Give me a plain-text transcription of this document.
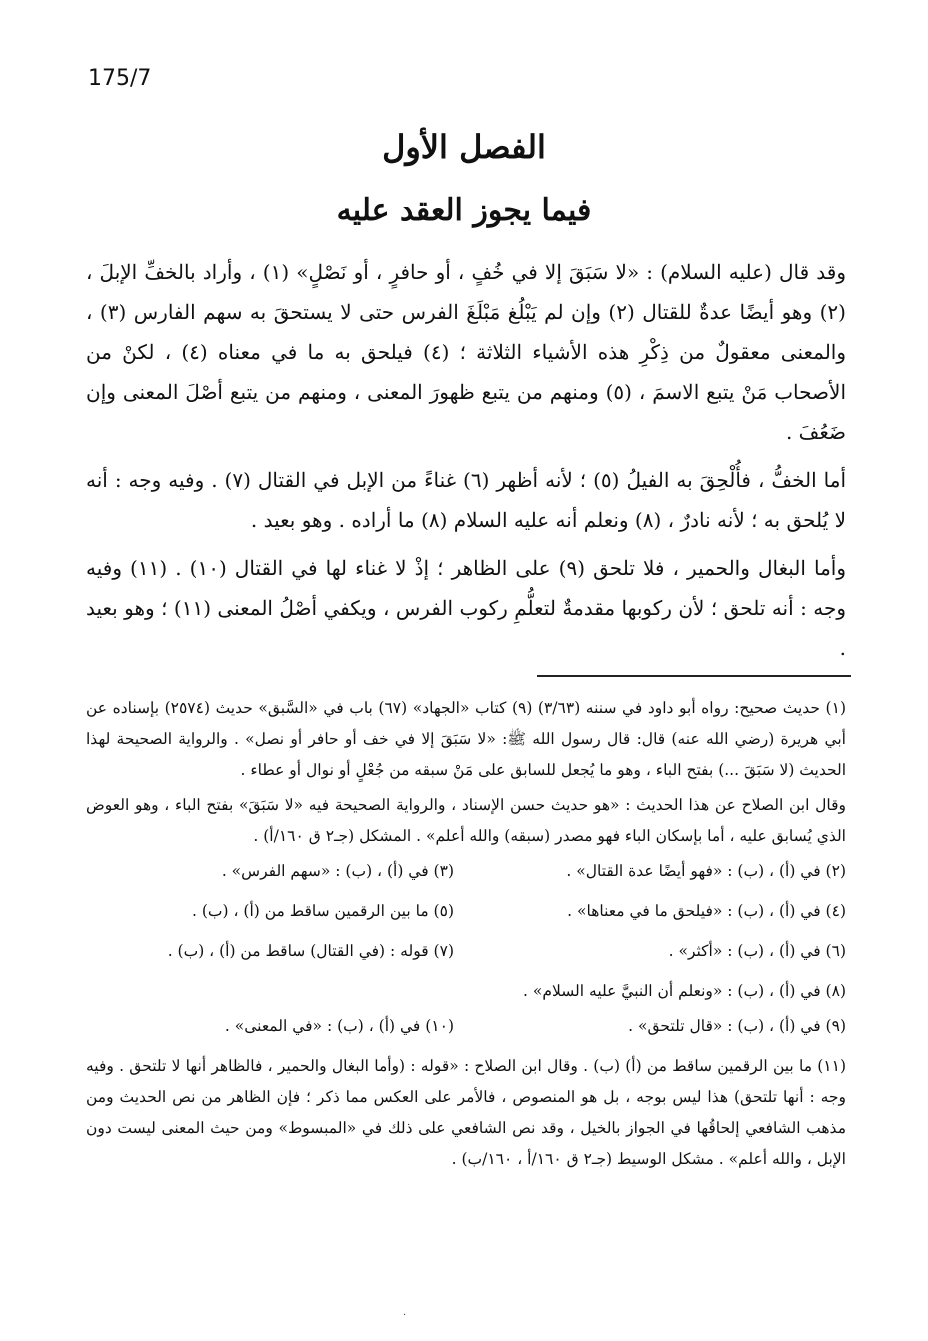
175/7
الفصل الأول
فيما يجوز العقد عليه

وقد قال (عليه السلام) : «لا سَبَقَ إلا في خُفٍ ، أو حافرٍ ، أو نَصْلٍ» (١) ، وأراد بالخفِّ الإبلَ ، (٢) وهو أيضًا عدةٌ للقتال (٢) وإن لم يَبْلُغ مَبْلَغَ الفرس حتى لا يستحقَ به سهم الفارس (٣) ، والمعنى معقولٌ من ذِكْرِ هذه الأشياء الثلاثة ؛ (٤) فيلحق به ما في معناه (٤) ، لكنْ من الأصحاب مَنْ يتبع الاسمَ ، (٥) ومنهم من يتبع ظهورَ المعنى ، ومنهم من يتبع أصْلَ المعنى وإن ضَعُفَ .

أما الخفُّ ، فأُلْحِقَ به الفيلُ (٥) ؛ لأنه أظهر (٦) غناءً من الإبل في القتال (٧) . وفيه وجه : أنه لا يُلحق به ؛ لأنه نادرٌ ، (٨) ونعلم أنه عليه السلام (٨) ما أراده . وهو بعيد .

وأما البغال والحمير ، فلا تلحق (٩) على الظاهر ؛ إذْ لا غناء لها في القتال (١٠) . (١١) وفيه وجه : أنه تلحق ؛ لأن ركوبها مقدمةٌ لتعلُّمِ ركوب الفرس ، ويكفي أصْلُ المعنى (١١) ؛ وهو بعيد .

(١) حديث صحيح: رواه أبو داود في سننه (٣/٦٣) (٩) كتاب «الجهاد» (٦٧) باب في «السَّبق» حديث (٢٥٧٤) بإسناده عن أبي هريرة (رضي الله عنه) قال: قال رسول الله ﷺ: «لا سَبَقَ إلا في خف أو حافر أو نصل» . والرواية الصحيحة لهذا الحديث (لا سَبَقَ ...) بفتح الباء ، وهو ما يُجعل للسابق على مَنْ سبقه من جُعْلٍ أو نوال أو عطاء .

وقال ابن الصلاح عن هذا الحديث : «هو حديث حسن الإسناد ، والرواية الصحيحة فيه «لا سَبَقَ» بفتح الباء ، وهو العوض الذي يُسابق عليه ، أما بإسكان الباء فهو مصدر (سبقه) والله أعلم» . المشكل (جـ٢ ق ١٦٠/أ) .

(٢) في (أ) ، (ب) : «فهو أيضًا عدة القتال» .
(٣) في (أ) ، (ب) : «سهم الفرس» .
(٤) في (أ) ، (ب) : «فيلحق ما في معناها» .
(٥) ما بين الرقمين ساقط من (أ) ، (ب) .
(٦) في (أ) ، (ب) : «أكثر» .
(٧) قوله : (في القتال) ساقط من (أ) ، (ب) .

(٨) في (أ) ، (ب) : «ونعلم أن النبيَّ عليه السلام» .

(٩) في (أ) ، (ب) : «قال تلتحق» .
(١٠) في (أ) ، (ب) : «في المعنى» .

(١١) ما بين الرقمين ساقط من (أ) (ب) . وقال ابن الصلاح : «قوله : (وأما البغال والحمير ، فالظاهر أنها لا تلتحق . وفيه وجه : أنها تلتحق) هذا ليس بوجه ، بل هو المنصوص ، فالأمر على العكس مما ذكر ؛ فإن الظاهر من نص الحديث ومن مذهب الشافعي إلحاقُها في الجواز بالخيل ، وقد نص الشافعي على ذلك في «المبسوط» ومن حيث المعنى ليست دون الإبل ، والله أعلم» . مشكل الوسيط (جـ٢ ق ١٦٠/أ ، ١٦٠/ب) .

·
